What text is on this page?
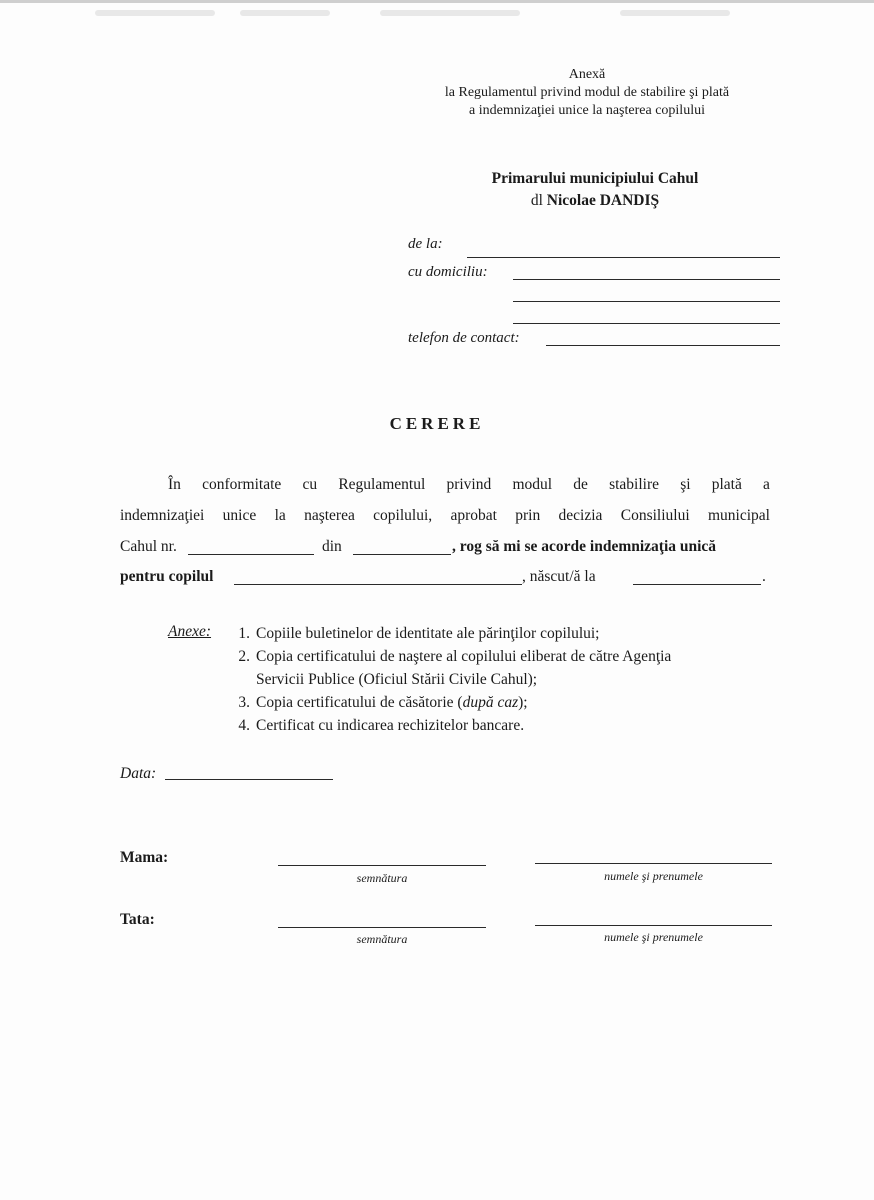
Anexă
la Regulamentul privind modul de stabilire şi plată
a indemnizaţiei unice la naşterea copilului
Primarului municipiului Cahul
dl Nicolae DANDIŞ
de la:
cu domiciliu:
telefon de contact:
CERERE
În conformitate cu Regulamentul privind modul de stabilire şi plată a
indemnizaţiei unice la naşterea copilului, aprobat prin decizia Consiliului municipal
Cahul nr.	din	, rog să mi se acorde indemnizaţia unică
pentru copilul	, născut/ă la	.
Anexe:	1. Copiile buletinelor de identitate ale părinţilor copilului;
2. Copia certificatului de naştere al copilului eliberat de către Agenţia
Servicii Publice (Oficiul Stării Civile Cahul);
3. Copia certificatului de căsătorie (după caz);
4. Certificat cu indicarea rechizitelor bancare.
Data:
Mama:
semnătura	numele şi prenumele
Tata:
semnătura	numele şi prenumele
